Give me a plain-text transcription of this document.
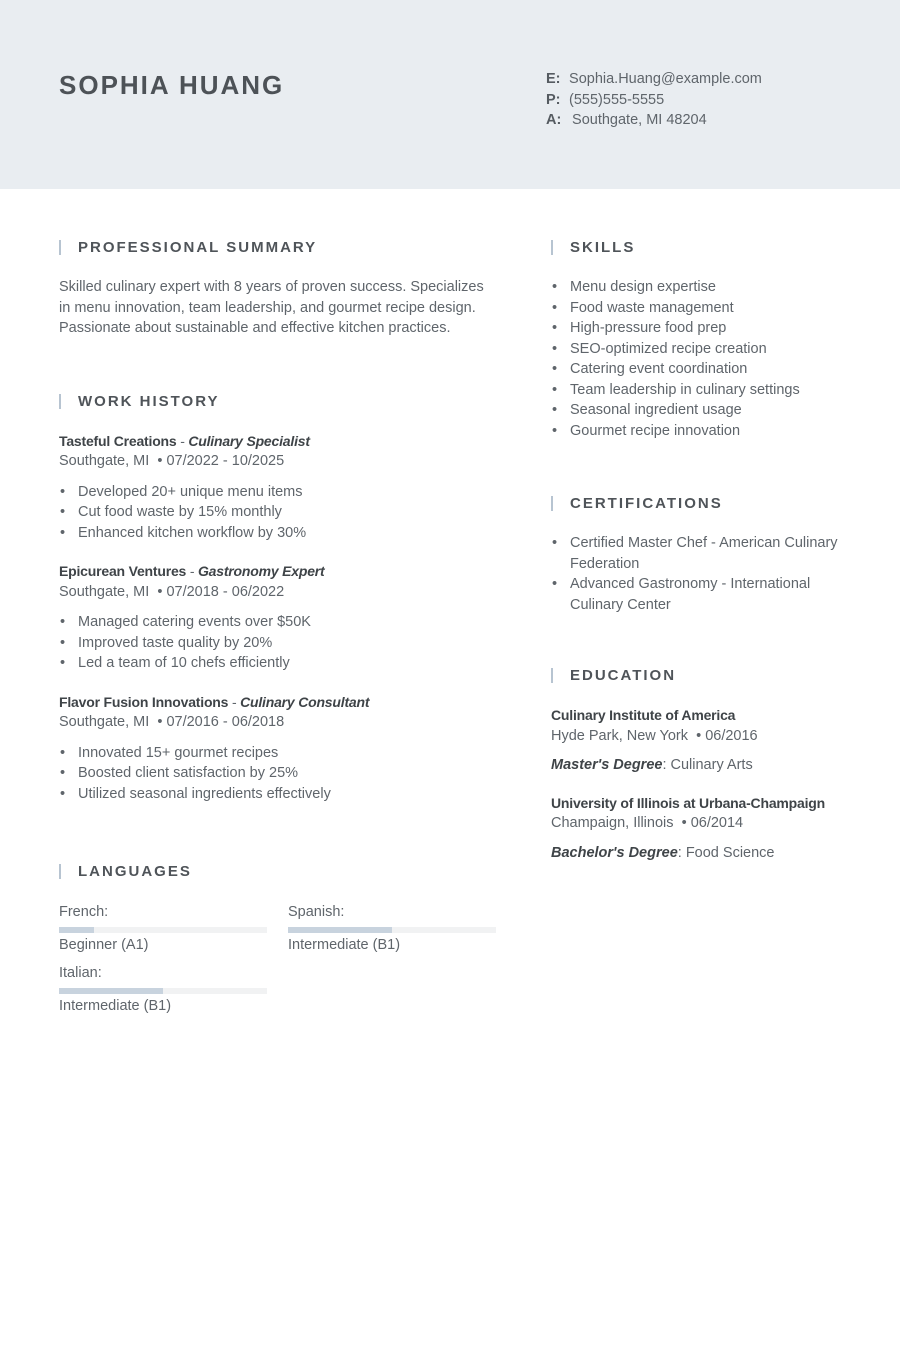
SOPHIA HUANG	E: Sophia.Huang@example.com
P: (555)555-5555
A: Southgate, MI 48204
PROFESSIONAL SUMMARY
Skilled culinary expert with 8 years of proven success. Specializes in menu innovation, team leadership, and gourmet recipe design. Passionate about sustainable and effective kitchen practices.
WORK HISTORY
Tasteful Creations - Culinary Specialist
Southgate, MI  • 07/2022 - 10/2025
• Developed 20+ unique menu items
• Cut food waste by 15% monthly
• Enhanced kitchen workflow by 30%
Epicurean Ventures - Gastronomy Expert
Southgate, MI  • 07/2018 - 06/2022
• Managed catering events over $50K
• Improved taste quality by 20%
• Led a team of 10 chefs efficiently
Flavor Fusion Innovations - Culinary Consultant
Southgate, MI  • 07/2016 - 06/2018
• Innovated 15+ gourmet recipes
• Boosted client satisfaction by 25%
• Utilized seasonal ingredients effectively
LANGUAGES
French:
Beginner (A1)
Spanish:
Intermediate (B1)
Italian:
Intermediate (B1)
SKILLS
• Menu design expertise
• Food waste management
• High-pressure food prep
• SEO-optimized recipe creation
• Catering event coordination
• Team leadership in culinary settings
• Seasonal ingredient usage
• Gourmet recipe innovation
CERTIFICATIONS
• Certified Master Chef - American Culinary Federation
• Advanced Gastronomy - International Culinary Center
EDUCATION
Culinary Institute of America
Hyde Park, New York  • 06/2016
Master's Degree: Culinary Arts
University of Illinois at Urbana-Champaign
Champaign, Illinois  • 06/2014
Bachelor's Degree: Food Science
